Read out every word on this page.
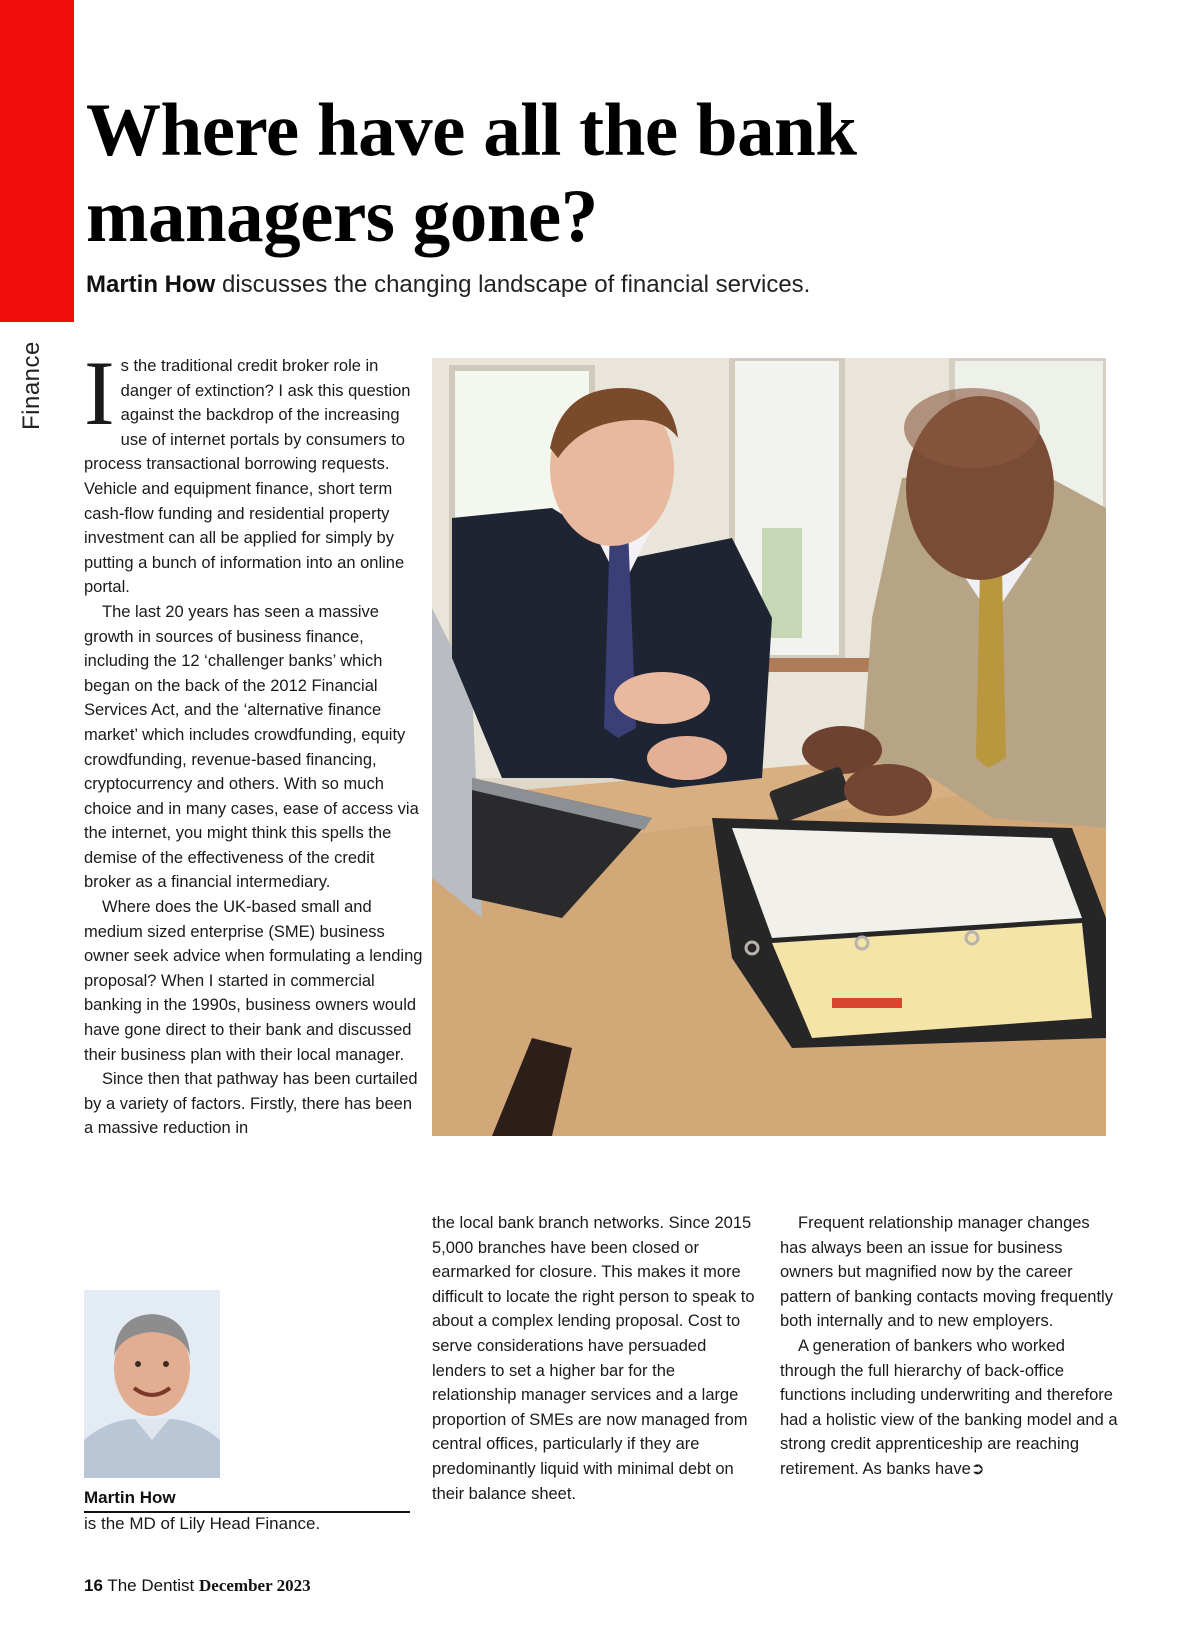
Finance
Where have all the bank managers gone?

Martin How discusses the changing landscape of financial services.

Is the traditional credit broker role in danger of extinction? I ask this question against the backdrop of the increasing use of internet portals by consumers to process transactional borrowing requests. Vehicle and equipment finance, short term cash-flow funding and residential property investment can all be applied for simply by putting a bunch of information into an online portal.

The last 20 years has seen a massive growth in sources of business finance, including the 12 ‘challenger banks’ which began on the back of the 2012 Financial Services Act, and the ‘alternative finance market’ which includes crowdfunding, equity crowdfunding, revenue-based financing, cryptocurrency and others. With so much choice and in many cases, ease of access via the internet, you might think this spells the demise of the effectiveness of the credit broker as a financial intermediary.

Where does the UK-based small and medium sized enterprise (SME) business owner seek advice when formulating a lending proposal? When I started in commercial banking in the 1990s, business owners would have gone direct to their bank and discussed their business plan with their local manager.

Since then that pathway has been curtailed by a variety of factors. Firstly, there has been a massive reduction in

the local bank branch networks. Since 2015 5,000 branches have been closed or earmarked for closure. This makes it more difficult to locate the right person to speak to about a complex lending proposal. Cost to serve considerations have persuaded lenders to set a higher bar for the relationship manager services and a large proportion of SMEs are now managed from central offices, particularly if they are predominantly liquid with minimal debt on their balance sheet.

Frequent relationship manager changes has always been an issue for business owners but magnified now by the career pattern of banking contacts moving frequently both internally and to new employers.

A generation of bankers who worked through the full hierarchy of back-office functions including underwriting and therefore had a holistic view of the banking model and a strong credit apprenticeship are reaching retirement. As banks have➲

Martin How
is the MD of Lily Head Finance.
16 The Dentist December 2023
